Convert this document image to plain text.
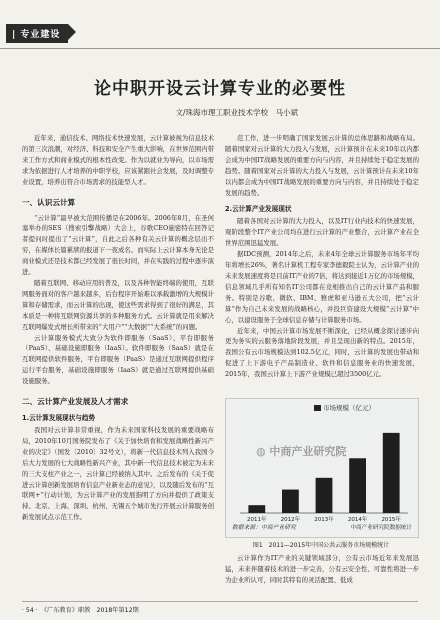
| 专业建设
论中职开设云计算专业的必要性
文/珠海市理工职业技术学校　马小斌

近年来，通信技术、网络技术快速发展，云计算被视为信息技术的第三次浪潮，对经济、科技和安全产生重大影响，在世界范围内带来工作方式和商业模式的根本性改变。作为以就业为导向，以市场需求为依据进行人才培养的中职学校，应该紧跟社会发展，及时调整专业设置，培养出符合市场需求的技能型人才。

一、认识云计算

“云计算”最早被大范围传播是在2006年。2006年8月，在圣何塞举办的SES（搜索引擎战略）大会上，谷歌CEO施密特在回答记者提问时提出了“云计算”，自此之后各种有关云计算的概念层出不穷，在媒体长篇累牍的报道下一夜成名。而实际上云计算本身无论是商业模式还是技术都已经发展了很长时间，并在实践的过程中逐步演进。

随着互联网、移动应用的普及，以及各种智能终端的使用，互联网服务面对的客户越来越多，后台程序开始难以承载激增的大规模计算和存储需求，而云计算的出现，使这些需求得到了很好的满足，其本质是一种将互联网资源共享的多种服务方式。云计算就是用来解决互联网爆发式增长所带来的“大用户”“大数据”“大系统”的问题。

云计算服务模式大致分为软件即服务（SaaS）、平台即服务（PaaS）、基础设施即服务（IaaS）。软件即服务（SaaS）就是在互联网提供软件服务，平台即服务（PaaS）是通过互联网提供程序运行平台服务，基础设施即服务（IaaS）就是通过互联网提供基础设施服务。

二、云计算产业发展及人才需求

1.云计算发展现状与趋势

我国对云计算非常重视，作为未来国家科技发展的重要战略布局，2010年10月国务院发布了《关于加快培育和发展战略性新兴产业的决定》（国发〔2010〕32号文），将新一代信息技术列入我国今后大力发展的七大战略性新兴产业，其中新一代信息技术被定为未来的三大支柱产业之一，云计算已经被纳入其中。之后发布的《关于促进云计算创新发展培育信息产业新业态的意见》，以及随后发布的“互联网+”行动计划，为云计算产业的发展指明了方向并提供了政策支持。北京、上海、深圳、杭州、无锡五个城市先行开展云计算服务创新发展试点示范工作。

范工作，进一步明确了国家发展云计算的总体思路和战略布局。随着国家对云计算的大力投入与发展，云计算预计在未来10年以内都会成为中国IT战略发展的重要方向与内容，并且持续处于稳定发展的趋势。随着国家对云计算的大力投入与发展，云计算预计在未来10年以内都会成为中国IT战略发展的重要方向与内容，并且持续处于稳定发展的趋势。

2.云计算产业发展现状

随着各国对云计算的大力投入，以及IT行业内技术的快速发展，观阶段整个IT产业公司均在进行云计算的产业整合，云计算产业在全世界范围迅猛发展。

据IDC预测，2014年之后，未来4年全球云计算服务市场年平均年将增长26%，著名计算机工程专家李德毅院士认为，云计算产业的未来发展速度将是目前IT产业的7倍，将达到接近1万亿的市场规模，信息领域几乎所有知名IT公司都在竞相推出自己的云计算产品和服务。特别是谷歌、微软、IBM、雅虎和亚马逊五大公司，把“云计算”作为自己未来发展的战略核心，并投巨资建设大规模“云计算”中心，以建设服务于全球信息存储与计算服务市场。

近年来，中国云计算市场发展不断深化，已经从概念探讨逐步向更为务实的云服务落地阶段发展，并且呈现出新的特点。2015年，我国公有云市场规模达到102.5亿元，同时，云计算的发展也带动和促进了上下游电子产品制造业、软件和信息服务业的快速发展，2015年，我国云计算上下游产业规模已超过3500亿元。

市场规模（亿元）
◍ 中商产业研究院
2011年	2012年	2013年	2014年	2015年
数据来源：中商产业研究	中商产业研究院数据统计
图1　2011—2015年中国公共云服务市场规模统计

云计算作为IT产业的关键领域部分，公有云市场近年来发展迅猛，未来伴随着技术的进一步完善，公有云安全性、可靠性将进一步为企业所认可，同时其特有的灵活配置、低成

· 54 ·　《广东教育》职教　2018年第12期
